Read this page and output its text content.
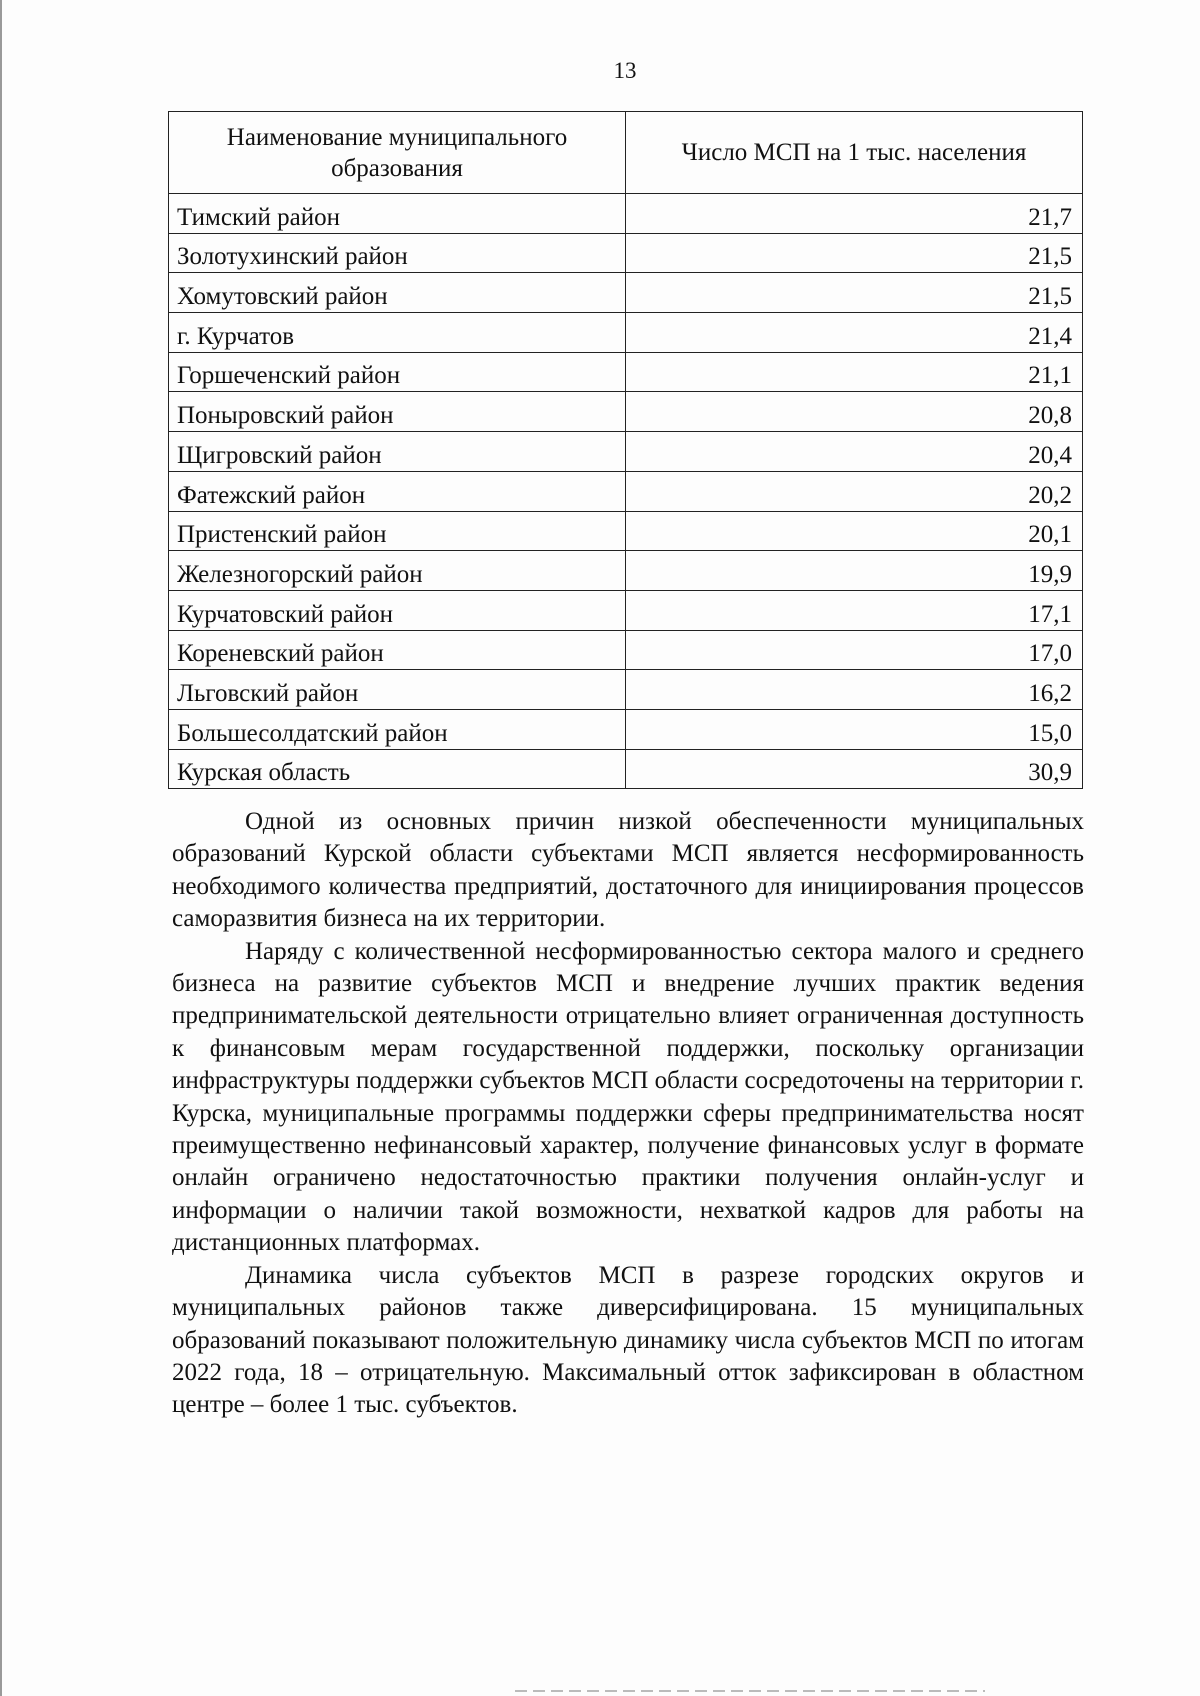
13
Наименование муниципального образования	Число МСП на 1 тыс. населения
Тимский район	21,7
Золотухинский район	21,5
Хомутовский район	21,5
г. Курчатов	21,4
Горшеченский район	21,1
Поныровский район	20,8
Щигровский район	20,4
Фатежский район	20,2
Пристенский район	20,1
Железногорский район	19,9
Курчатовский район	17,1
Кореневский район	17,0
Льговский район	16,2
Большесолдатский район	15,0
Курская область	30,9

Одной из основных причин низкой обеспеченности муниципальных образований Курской области субъектами МСП является несформированность необходимого количества предприятий, достаточного для инициирования процессов саморазвития бизнеса на их территории.

Наряду с количественной несформированностью сектора малого и среднего бизнеса на развитие субъектов МСП и внедрение лучших практик ведения предпринимательской деятельности отрицательно влияет ограниченная доступность к финансовым мерам государственной поддержки, поскольку организации инфраструктуры поддержки субъектов МСП области сосредоточены на территории г. Курска, муниципальные программы поддержки сферы предпринимательства носят преимущественно нефинансовый характер, получение финансовых услуг в формате онлайн ограничено недостаточностью практики получения онлайн-услуг и информации о наличии такой возможности, нехваткой кадров для работы на дистанционных платформах.

Динамика числа субъектов МСП в разрезе городских округов и муниципальных районов также диверсифицирована. 15 муниципальных образований показывают положительную динамику числа субъектов МСП по итогам 2022 года, 18 – отрицательную. Максимальный отток зафиксирован в областном центре – более 1 тыс. субъектов.
